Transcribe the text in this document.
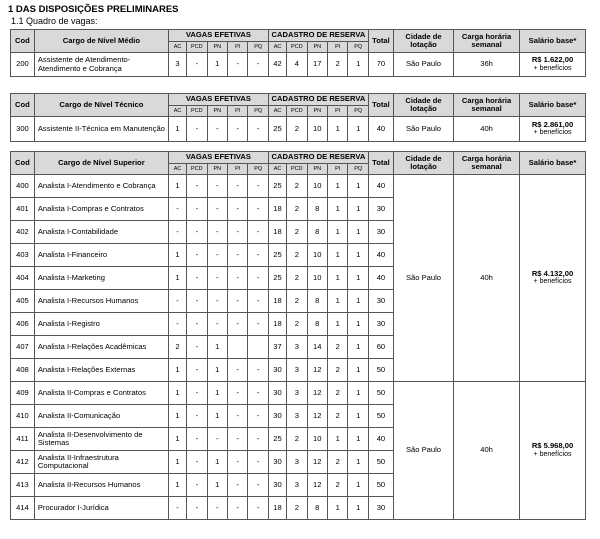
1 DAS DISPOSIÇÕES PRELIMINARES
1.1 Quadro de vagas:
Cod	Cargo de Nível Médio	VAGAS EFETIVAS					CADASTRO DE RESERVA					Total	Cidade de lotação	Carga horária semanal	Salário base*
		AC	PCD	PN	PI	PQ	AC	PCD	PN	PI	PQ				
200	Assistente de Atendimento-Atendimento e Cobrança	3	-	1	-	-	42	4	17	2	1	70	São Paulo	36h	R$ 1.622,00
+ benefícios
Cod	Cargo de Nível Técnico	VAGAS EFETIVAS					CADASTRO DE RESERVA					Total	Cidade de lotação	Carga horária semanal	Salário base*
		AC	PCD	PN	PI	PQ	AC	PCD	PN	PI	PQ				
300	Assistente II-Técnica em Manutenção	1	-	-	-	-	25	2	10	1	1	40	São Paulo	40h	R$ 2.861,00
+ benefícios
Cod	Cargo de Nível Superior	VAGAS EFETIVAS					CADASTRO DE RESERVA					Total	Cidade de lotação	Carga horária semanal	Salário base*
		AC	PCD	PN	PI	PQ	AC	PCD	PN	PI	PQ				
400	Analista I-Atendimento e Cobrança	1	-	-	-	-	25	2	10	1	1	40	São Paulo	40h	R$ 4.132,00
+ benefícios

401	Analista I-Compras e Contratos	-	-	-	-	-	18	2	8	1	1	30			
402	Analista I-Contabilidade	-	-	-	-	-	18	2	8	1	1	30			
403	Analista I-Financeiro	1	-	-	-	-	25	2	10	1	1	40			
404	Analista I-Marketing	1	-	-	-	-	25	2	10	1	1	40			
405	Analista I-Recursos Humanos	-	-	-	-	-	18	2	8	1	1	30			
406	Analista I-Registro	-	-	-	-	-	18	2	8	1	1	30			
407	Analista I-Relações Acadêmicas	2	-	1			37	3	14	2	1	60			
408	Analista I-Relações Externas	1	-	1	-	-	30	3	12	2	1	50			
409	Analista II-Compras e Contratos	1	-	1	-	-	30	3	12	2	1	50	São Paulo	40h	R$ 5.968,00
+ benefícios

410	Analista II-Comunicação	1	-	1	-	-	30	3	12	2	1	50			
411	Analista II-Desenvolvimento de Sistemas	1	-	-	-	-	25	2	10	1	1	40			
412	Analista II-Infraestrutura Computacional	1	-	1	-	-	30	3	12	2	1	50			
413	Analista II-Recursos Humanos	1	-	1	-	-	30	3	12	2	1	50			
414	Procurador I-Jurídica	-	-	-	-	-	18	2	8	1	1	30			
